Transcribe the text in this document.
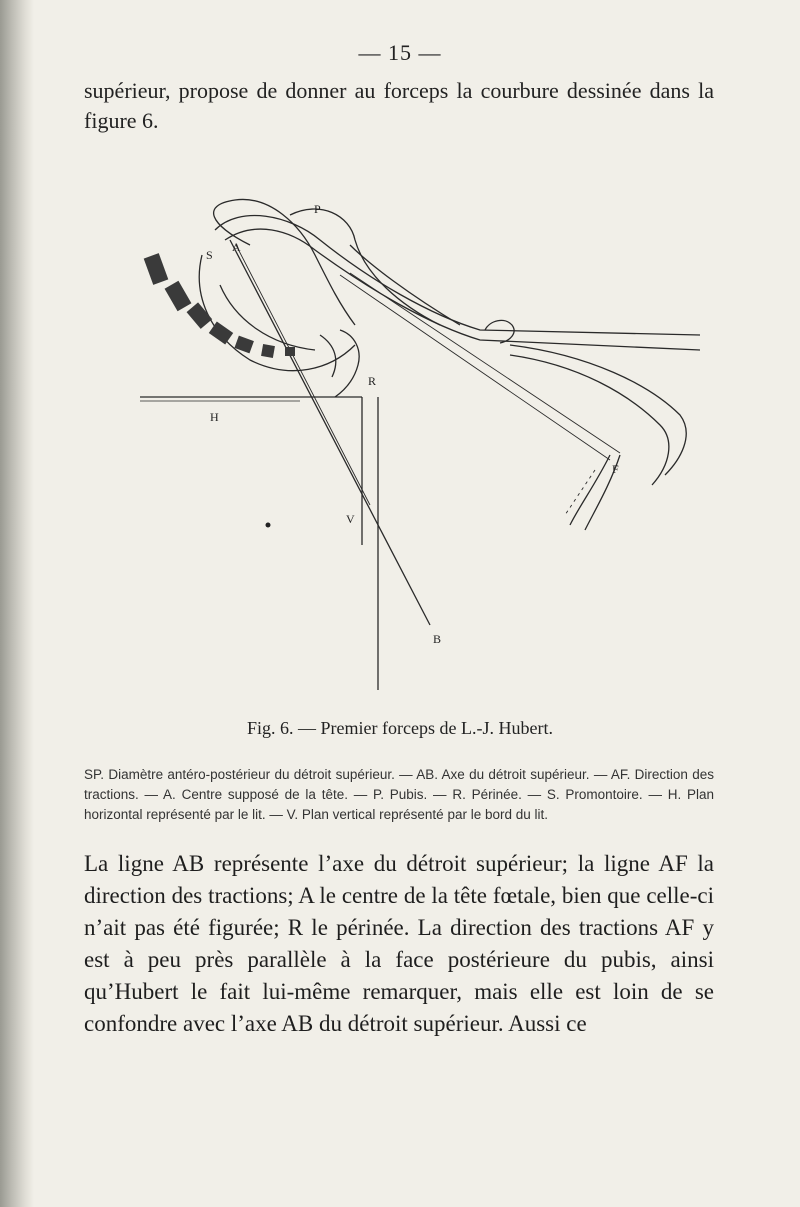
— 15 —
supérieur, propose de donner au forceps la courbure dessinée dans la figure 6.
P
A
S
R
H
V
F
B
Fig. 6. — Premier forceps de L.-J. Hubert.
SP. Diamètre antéro-postérieur du détroit supérieur. — AB. Axe du détroit supérieur. — AF. Direction des tractions. — A. Centre supposé de la tête. — P. Pubis. — R. Périnée. — S. Promontoire. — H. Plan horizontal représenté par le lit. — V. Plan vertical représenté par le bord du lit.
La ligne AB représente l’axe du détroit supérieur; la ligne AF la direction des tractions; A le centre de la tête fœtale, bien que celle-ci n’ait pas été figurée; R le périnée. La direction des tractions AF y est à peu près parallèle à la face postérieure du pubis, ainsi qu’Hubert le fait lui-même remarquer, mais elle est loin de se confondre avec l’axe AB du détroit supérieur. Aussi ce
